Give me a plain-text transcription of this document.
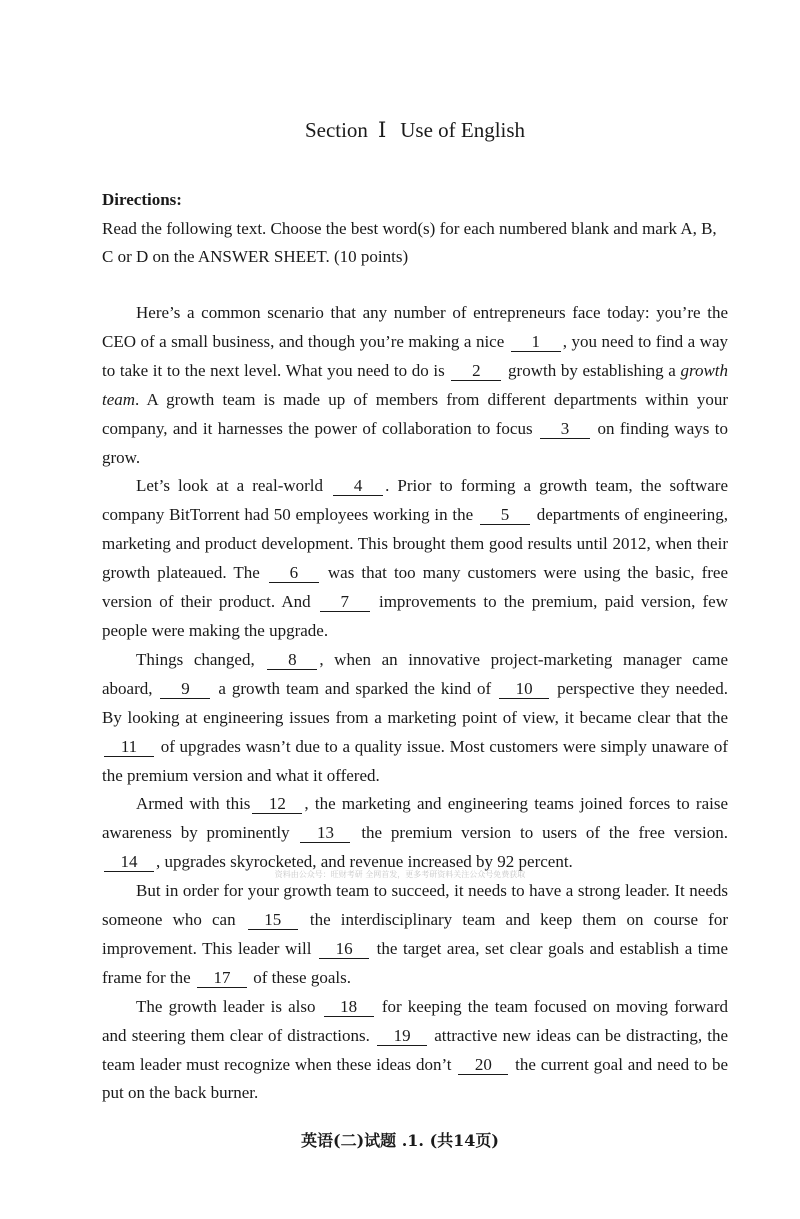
Section Ⅰ Use of English
Directions:
Read the following text. Choose the best word(s) for each numbered blank and mark A, B, C or D on the ANSWER SHEET. (10 points)

Here’s a common scenario that any number of entrepreneurs face today: you’re the CEO of a small business, and though you’re making a nice 1 , you need to find a way to take it to the next level. What you need to do is 2 growth by establishing a growth team. A growth team is made up of members from different departments within your company, and it harnesses the power of collaboration to focus 3 on finding ways to grow.

Let’s look at a real-world 4 . Prior to forming a growth team, the software company BitTorrent had 50 employees working in the 5 departments of engineering, marketing and product development. This brought them good results until 2012, when their growth plateaued. The 6 was that too many customers were using the basic, free version of their product. And 7 improvements to the premium, paid version, few people were making the upgrade.

Things changed, 8 , when an innovative project-marketing manager came aboard, 9 a growth team and sparked the kind of 10 perspective they needed. By looking at engineering issues from a marketing point of view, it became clear that the 11 of upgrades wasn’t due to a quality issue. Most customers were simply unaware of the premium version and what it offered.

Armed with this 12 , the marketing and engineering teams joined forces to raise awareness by prominently 13 the premium version to users of the free version. 14 , upgrades skyrocketed, and revenue increased by 92 percent.

But in order for your growth team to succeed, it needs to have a strong leader. It needs someone who can 15 the interdisciplinary team and keep them on course for improvement. This leader will 16 the target area, set clear goals and establish a time frame for the 17 of these goals.

The growth leader is also 18 for keeping the team focused on moving forward and steering them clear of distractions. 19 attractive new ideas can be distracting, the team leader must recognize when these ideas don’t 20 the current goal and need to be put on the back burner.

资料由公众号：旺财考研 全网首发，更多考研资料关注公众号免费获取
英语(二)试题 .1. (共14页)
